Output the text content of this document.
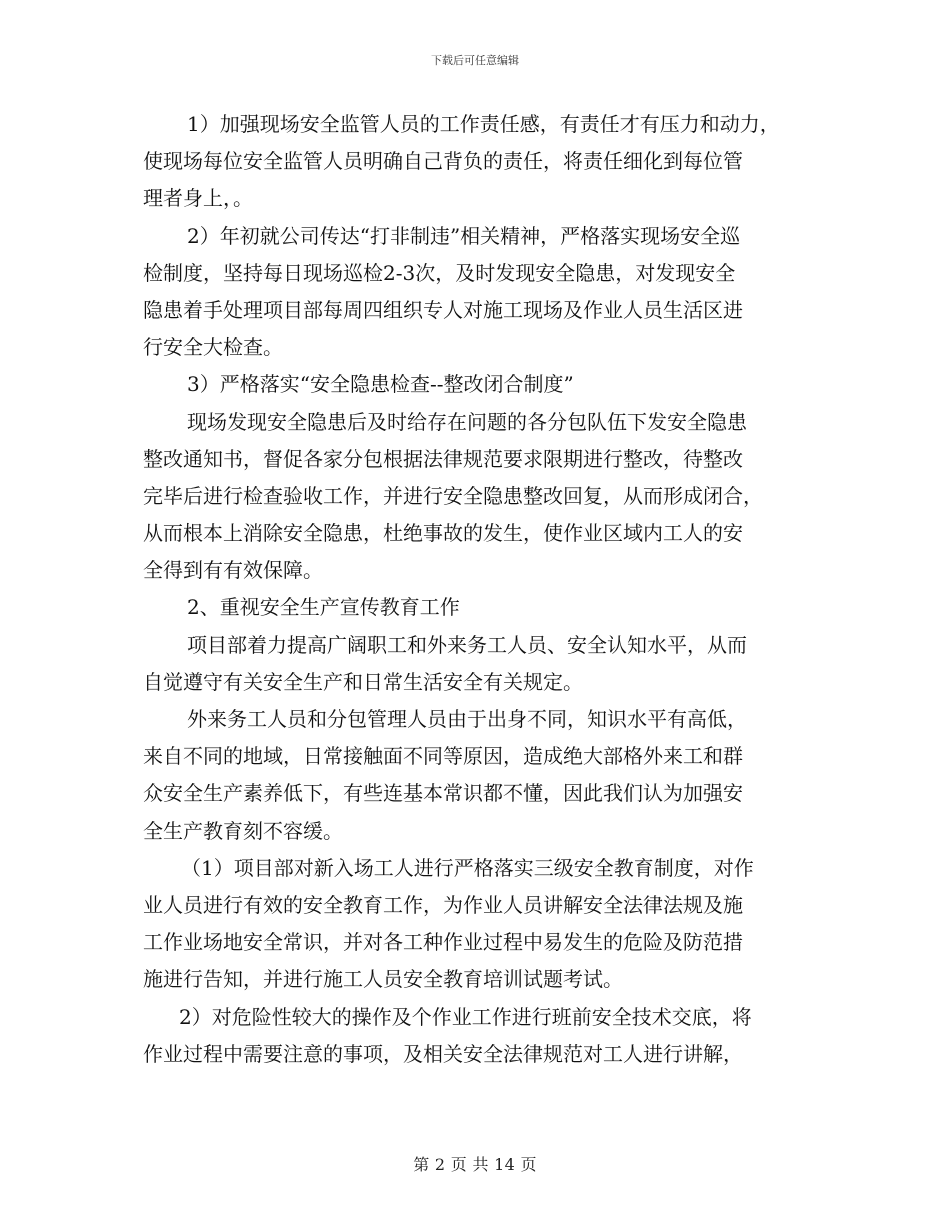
下载后可任意编辑
1）加强现场安全监管人员的工作责任感，有责任才有压力和动力，
使现场每位安全监管人员明确自己背负的责任，将责任细化到每位管
理者身上，。
2）年初就公司传达“打非制违”相关精神，严格落实现场安全巡
检制度，坚持每日现场巡检2-3次，及时发现安全隐患，对发现安全
隐患着手处理项目部每周四组织专人对施工现场及作业人员生活区进
行安全大检查。
3）严格落实“安全隐患检查--整改闭合制度”
现场发现安全隐患后及时给存在问题的各分包队伍下发安全隐患
整改通知书，督促各家分包根据法律规范要求限期进行整改，待整改
完毕后进行检查验收工作，并进行安全隐患整改回复，从而形成闭合，
从而根本上消除安全隐患，杜绝事故的发生，使作业区域内工人的安
全得到有有效保障。
2、重视安全生产宣传教育工作
项目部着力提高广阔职工和外来务工人员、安全认知水平，从而
自觉遵守有关安全生产和日常生活安全有关规定。
外来务工人员和分包管理人员由于出身不同，知识水平有高低，
来自不同的地域，日常接触面不同等原因，造成绝大部格外来工和群
众安全生产素养低下，有些连基本常识都不懂，因此我们认为加强安
全生产教育刻不容缓。
（1）项目部对新入场工人进行严格落实三级安全教育制度，对作
业人员进行有效的安全教育工作，为作业人员讲解安全法律法规及施
工作业场地安全常识，并对各工种作业过程中易发生的危险及防范措
施进行告知，并进行施工人员安全教育培训试题考试。
2）对危险性较大的操作及个作业工作进行班前安全技术交底，将
作业过程中需要注意的事项，及相关安全法律规范对工人进行讲解，
第 2 页 共 14 页
